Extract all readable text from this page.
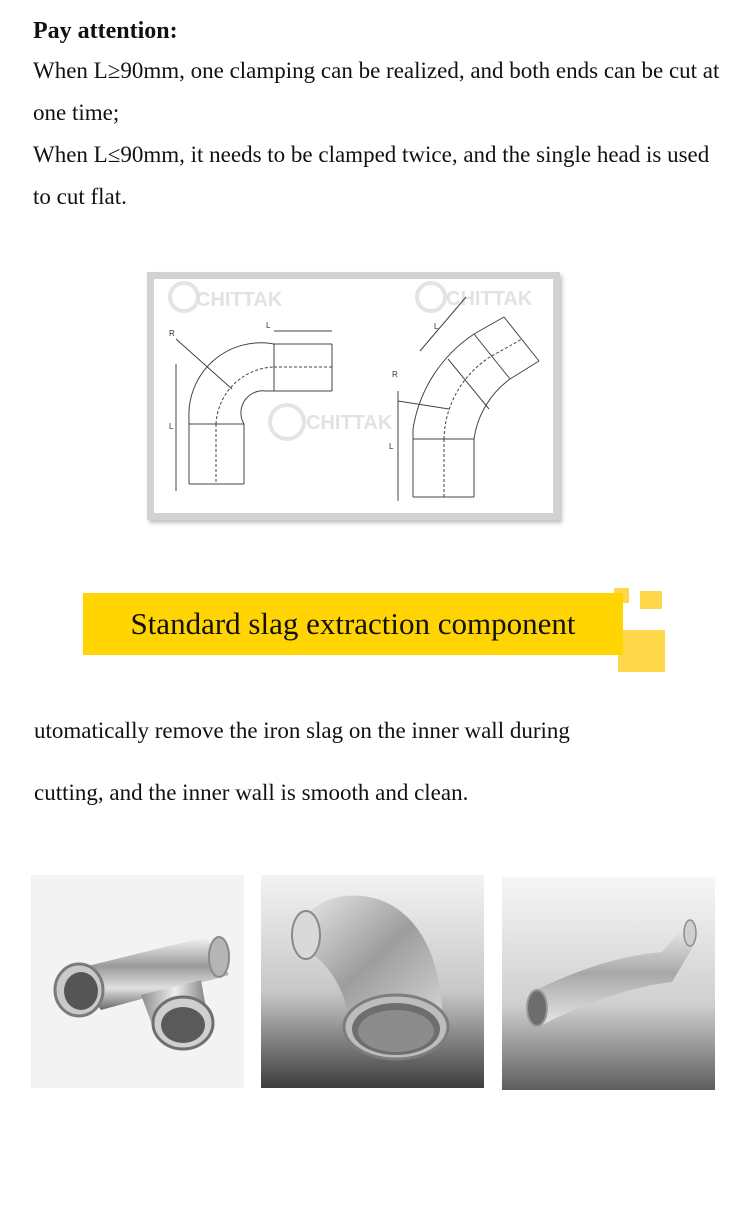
Pay attention:

When L≥90mm, one clamping can be realized, and both ends can be cut at one time;

When L≤90mm, it needs to be clamped twice, and the single head is used to cut flat.

CHITTAK
CHITTAK
CHITTAK
R
L
L
R
L
L
Standard slag extraction component

utomatically remove the iron slag on the inner wall during

cutting, and the inner wall is smooth and clean.
